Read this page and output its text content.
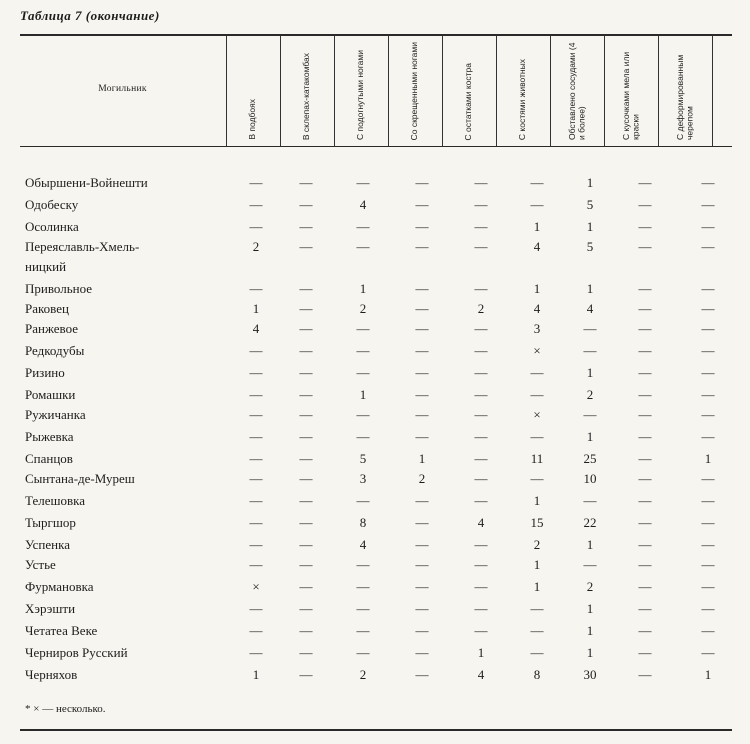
Таблица 7 (окончание)
Могильник
В подбоях	В склепах-катакомбах	С подогнутыми ногами	Со скрещенными ногами	С остатками костра	С костями животных	Обставлено сосудами (4 и более)	С кусочками мела или краски	С деформированным черепом
Обыршени-Войнешти	—	—	—	—	—	—	1	—	—
Одобеску	—	—	4	—	—	—	5	—	—
Осолинка	—	—	—	—	—	1	1	—	—
Переяславль-Хмель-
ницкий
2	—	—	—	—	4	5	—	—
Привольное	—	—	1	—	—	1	1	—	—
Раковец	1	—	2	—	2	4	4	—	—
Ранжевое	4	—	—	—	—	3	—	—	—
Редкодубы	—	—	—	—	—	×	—	—	—
Ризино	—	—	—	—	—	—	1	—	—
Ромашки	—	—	1	—	—	—	2	—	—
Ружичанка	—	—	—	—	—	×	—	—	—
Рыжевка	—	—	—	—	—	—	1	—	—
Спанцов	—	—	5	1	—	11	25	—	1
Сынтана-де-Муреш	—	—	3	2	—	—	10	—	—
Телешовка	—	—	—	—	—	1	—	—	—
Тыргшор	—	—	8	—	4	15	22	—	—
Успенка	—	—	4	—	—	2	1	—	—
Устье	—	—	—	—	—	1	—	—	—
Фурмановка	×	—	—	—	—	1	2	—	—
Хэрэшти	—	—	—	—	—	—	1	—	—
Четатеа Веке	—	—	—	—	—	—	1	—	—
Черниров Русский	—	—	—	—	1	—	1	—	—
Черняхов	1	—	2	—	4	8	30	—	1
* × — несколько.
